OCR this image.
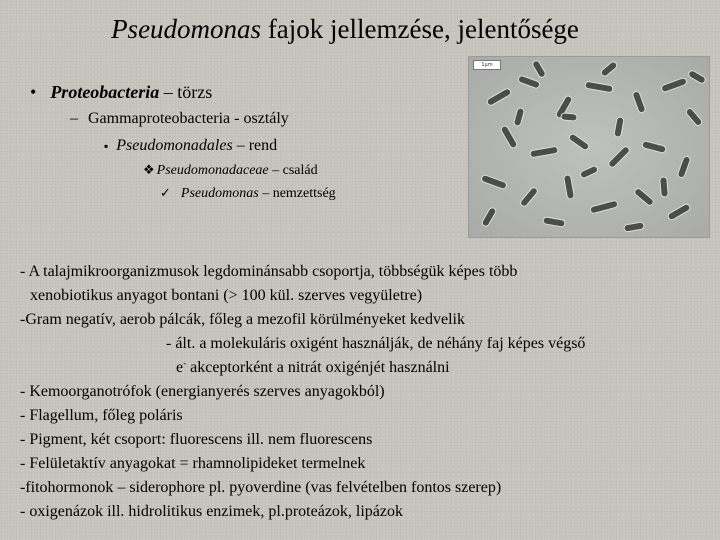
Pseudomonas fajok jellemzése, jelentősége
• Proteobacteria – törzs
– Gammaproteobacteria - osztály
▪ Pseudomonadales – rend
❖ Pseudomonadaceae – család
✓ Pseudomonas – nemzettség
1μm
- A talajmikroorganizmusok legdominánsabb csoportja, többségük képes több
xenobiotikus anyagot bontani (> 100 kül. szerves vegyületre)
-Gram negatív, aerob pálcák, főleg a mezofil körülményeket kedvelik
- ált. a molekuláris oxigént használják, de néhány faj képes végső
e- akceptorként a nitrát oxigénjét használni
- Kemoorganotrófok (energianyerés szerves anyagokból)
- Flagellum, főleg poláris
- Pigment, két csoport: fluorescens ill. nem fluorescens
- Felületaktív anyagokat = rhamnolipideket termelnek
-fitohormonok – siderophore pl. pyoverdine (vas felvételben fontos szerep)
- oxigenázok ill. hidrolitikus enzimek, pl.proteázok, lipázok
